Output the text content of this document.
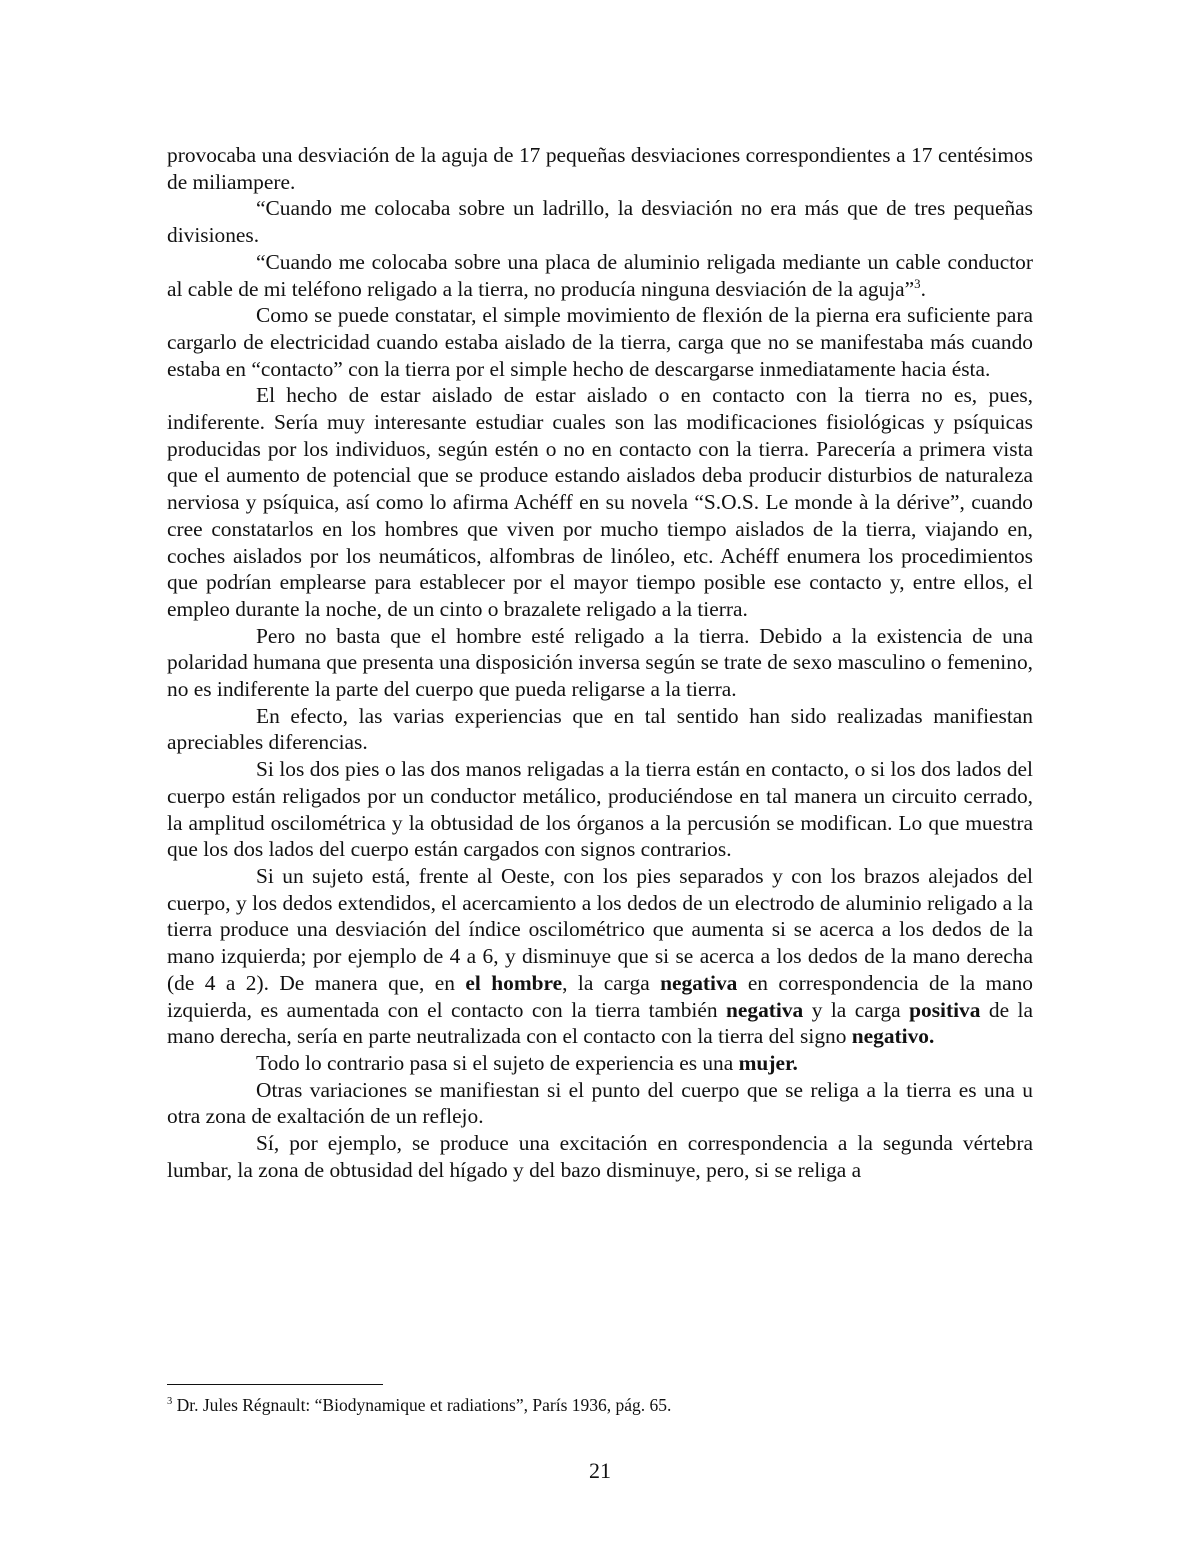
provocaba una desviación de la aguja de 17 pequeñas desviaciones correspondientes a 17 centésimos de miliampere.

“Cuando me colocaba sobre un ladrillo, la desviación no era más que de tres pequeñas divisiones.

“Cuando me colocaba sobre una placa de aluminio religada mediante un cable conductor al cable de mi teléfono religado a la tierra, no producía ninguna desviación de la aguja”$^3$.

Como se puede constatar, el simple movimiento de flexión de la pierna era suficiente para cargarlo de electricidad cuando estaba aislado de la tierra, carga que no se manifestaba más cuando estaba en “contacto” con la tierra por el simple hecho de descargarse inmediatamente hacia ésta.

El hecho de estar aislado de estar aislado o en contacto con la tierra no es, pues, indiferente. Sería muy interesante estudiar cuales son las modificaciones fisiológicas y psíquicas producidas por los individuos, según estén o no en contacto con la tierra. Parecería a primera vista que el aumento de potencial que se produce estando aislados deba producir disturbios de naturaleza nerviosa y psíquica, así como lo afirma Achéff en su novela “S.O.S. Le monde à la dérive”, cuando cree constatarlos en los hombres que viven por mucho tiempo aislados de la tierra, viajando en, coches aislados por los neumáticos, alfombras de linóleo, etc. Achéff enumera los procedimientos que podrían emplearse para establecer por el mayor tiempo posible ese contacto y, entre ellos, el empleo durante la noche, de un cinto o brazalete religado a la tierra.

Pero no basta que el hombre esté religado a la tierra. Debido a la existencia de una polaridad humana que presenta una disposición inversa según se trate de sexo masculino o femenino, no es indiferente la parte del cuerpo que pueda religarse a la tierra.

En efecto, las varias experiencias que en tal sentido han sido realizadas manifiestan apreciables diferencias.

Si los dos pies o las dos manos religadas a la tierra están en contacto, o si los dos lados del cuerpo están religados por un conductor metálico, produciéndose en tal manera un circuito cerrado, la amplitud oscilométrica y la obtusidad de los órganos a la percusión se modifican. Lo que muestra que los dos lados del cuerpo están cargados con signos contrarios.

Si un sujeto está, frente al Oeste, con los pies separados y con los brazos alejados del cuerpo, y los dedos extendidos, el acercamiento a los dedos de un electrodo de aluminio religado a la tierra produce una desviación del índice oscilométrico que aumenta si se acerca a los dedos de la mano izquierda; por ejemplo de 4 a 6, y disminuye que si se acerca a los dedos de la mano derecha (de 4 a 2). De manera que, en el hombre, la carga negativa en correspondencia de la mano izquierda, es aumentada con el contacto con la tierra también negativa y la carga positiva de la mano derecha, sería en parte neutralizada con el contacto con la tierra del signo negativo.

Todo lo contrario pasa si el sujeto de experiencia es una mujer.

Otras variaciones se manifiestan si el punto del cuerpo que se religa a la tierra es una u otra zona de exaltación de un reflejo.

Sí, por ejemplo, se produce una excitación en correspondencia a la segunda vértebra lumbar, la zona de obtusidad del hígado y del bazo disminuye, pero, si se religa a

$^3$ Dr. Jules Régnault: “Biodynamique et radiations”, París 1936, pág. 65.
21
